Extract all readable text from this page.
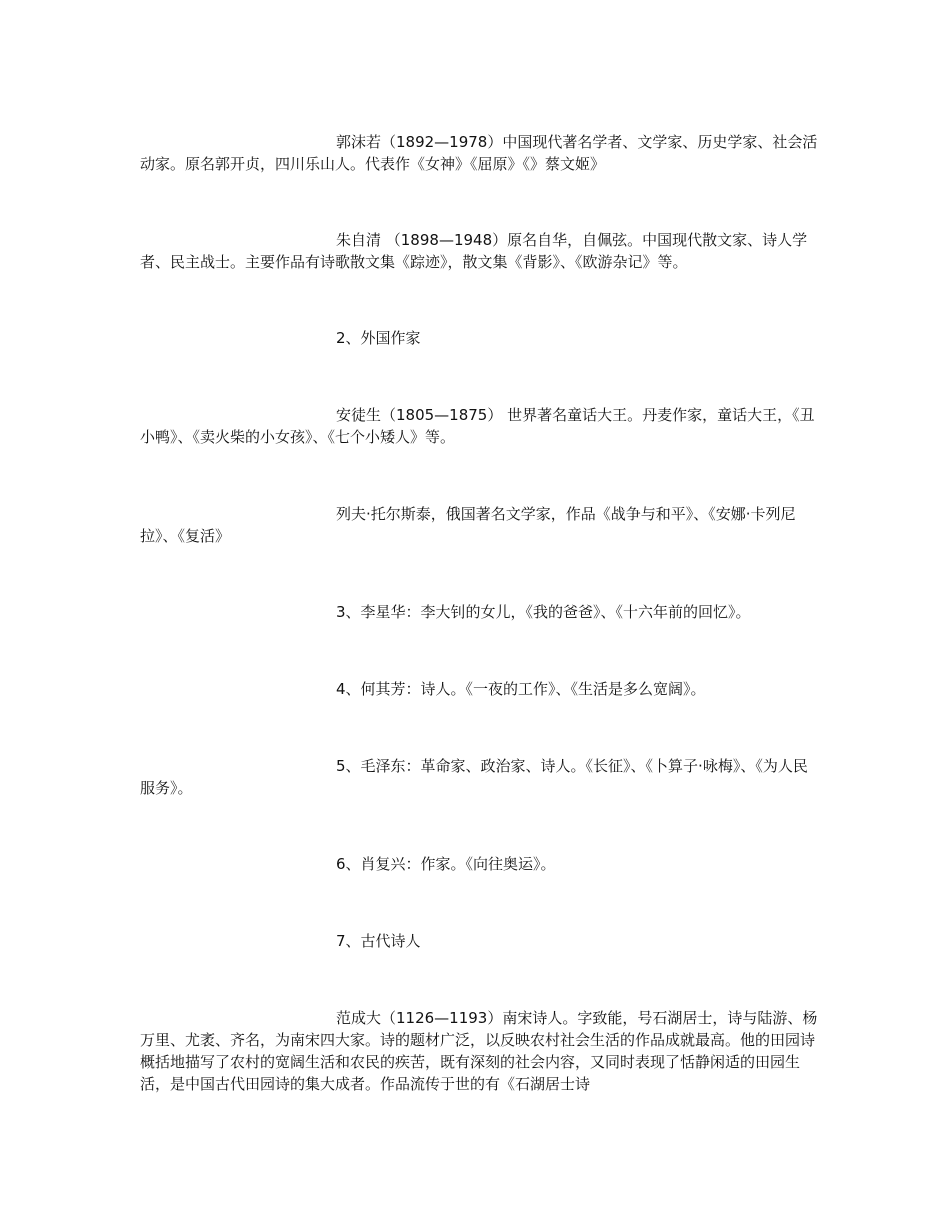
郭沫若（1892—1978）中国现代著名学者、文学家、历史学家、社会活动家。原名郭开贞，四川乐山人。代表作《女神》《屈原》《》蔡文姬》

朱自清 （1898—1948）原名自华，自佩弦。中国现代散文家、诗人学者、民主战士。主要作品有诗歌散文集《踪迹》，散文集《背影》、《欧游杂记》等。

2、外国作家

安徒生（1805—1875） 世界著名童话大王。丹麦作家，童话大王，《丑小鸭》、《卖火柴的小女孩》、《七个小矮人》等。

列夫·托尔斯泰，俄国著名文学家，作品《战争与和平》、《安娜·卡列尼拉》、《复活》

3、李星华：李大钊的女儿，《我的爸爸》、《十六年前的回忆》。

4、何其芳：诗人。《一夜的工作》、《生活是多么宽阔》。

5、毛泽东：革命家、政治家、诗人。《长征》、《卜算子·咏梅》、《为人民服务》。

6、肖复兴：作家。《向往奥运》。

7、古代诗人

范成大（1126—1193）南宋诗人。字致能，号石湖居士，诗与陆游、杨万里、尤袤、齐名，为南宋四大家。诗的题材广泛，以反映农村社会生活的作品成就最高。他的田园诗概括地描写了农村的宽阔生活和农民的疾苦，既有深刻的社会内容，又同时表现了恬静闲适的田园生活，是中国古代田园诗的集大成者。作品流传于世的有《石湖居士诗
